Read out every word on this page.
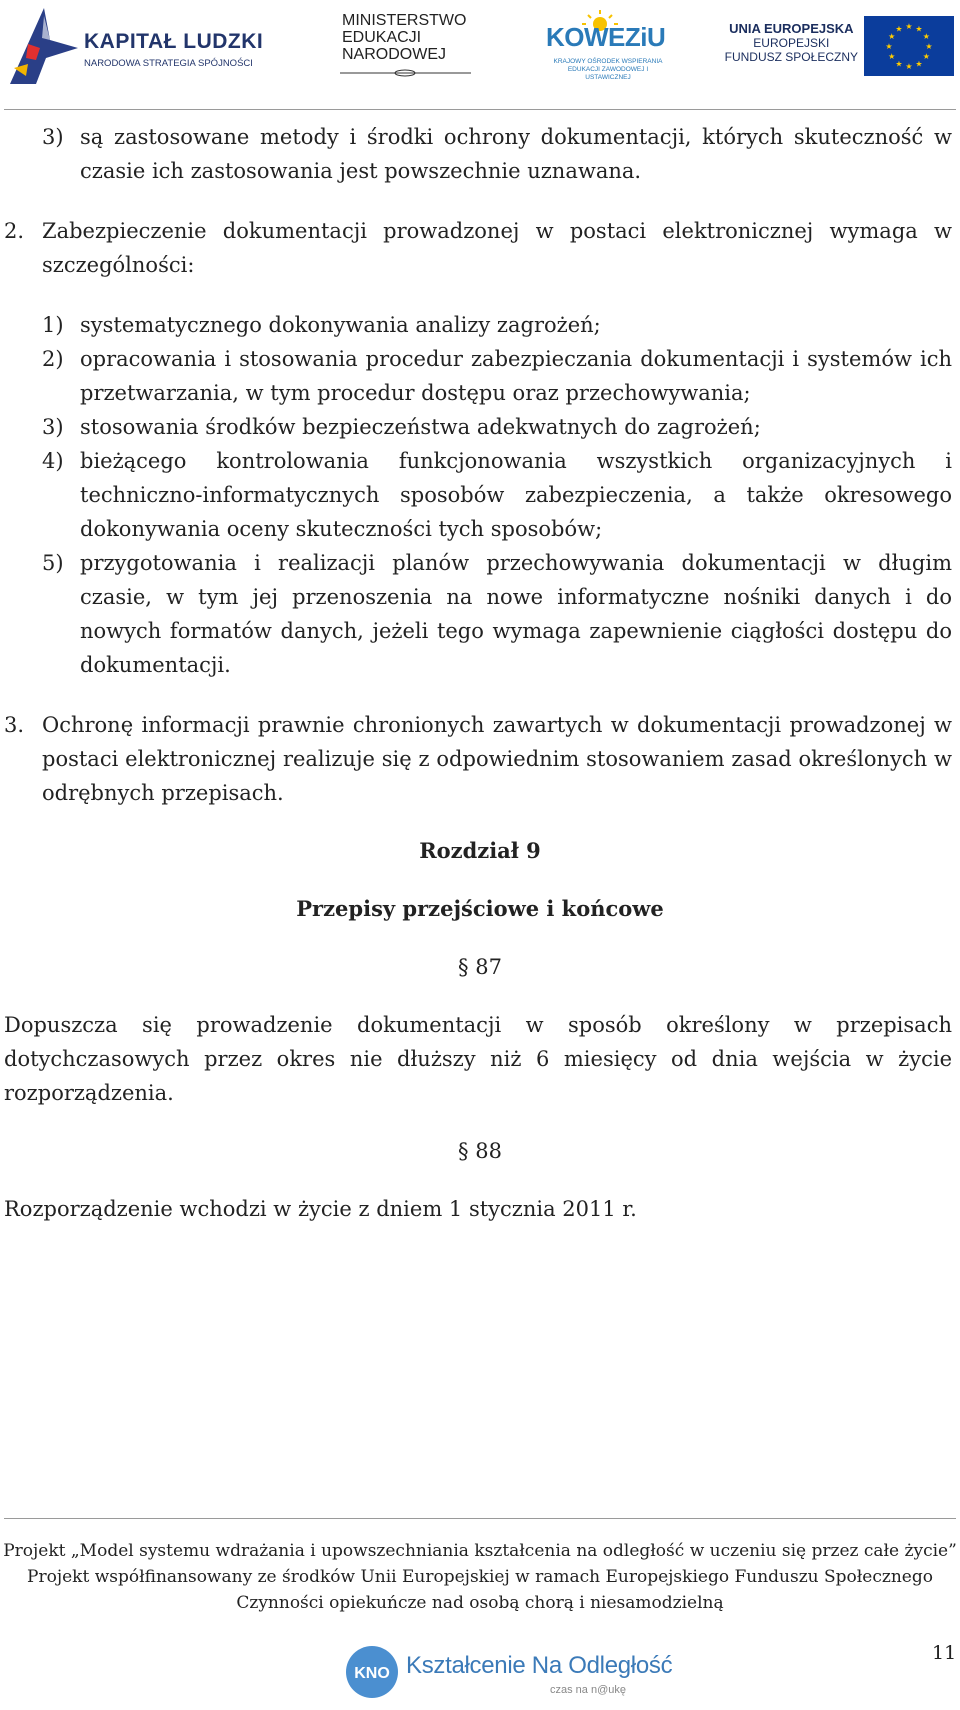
KAPITAŁ LUDZKI
NARODOWA STRATEGIA SPÓJNOŚCI
MINISTERSTWO
EDUKACJI
NARODOWEJ
KOWEZiU
KRAJOWY OŚRODEK WSPIERANIA EDUKACJI ZAWODOWEJ I USTAWICZNEJ
UNIA EUROPEJSKA
EUROPEJSKI
FUNDUSZ SPOŁECZNY
★ ★
★
★
★
★
★
★
★
★
★
★
3) są zastosowane metody i środki ochrony dokumentacji, których skuteczność w czasie ich zastosowania jest powszechnie uznawana.
2. Zabezpieczenie dokumentacji prowadzonej w postaci elektronicznej wymaga w szczególności:
1) systematycznego dokonywania analizy zagrożeń;
2) opracowania i stosowania procedur zabezpieczania dokumentacji i systemów ich przetwarzania, w tym procedur dostępu oraz przechowywania;
3) stosowania środków bezpieczeństwa adekwatnych do zagrożeń;
4) bieżącego kontrolowania funkcjonowania wszystkich organizacyjnych i techniczno-informatycznych sposobów zabezpieczenia, a także okresowego dokonywania oceny skuteczności tych sposobów;
5) przygotowania i realizacji planów przechowywania dokumentacji w długim czasie, w tym jej przenoszenia na nowe informatyczne nośniki danych i do nowych formatów danych, jeżeli tego wymaga zapewnienie ciągłości dostępu do dokumentacji.
3. Ochronę informacji prawnie chronionych zawartych w dokumentacji prowadzonej w postaci elektronicznej realizuje się z odpowiednim stosowaniem zasad określonych w odrębnych przepisach.
Rozdział 9
Przepisy przejściowe i końcowe
§ 87
Dopuszcza się prowadzenie dokumentacji w sposób określony w przepisach dotychczasowych przez okres nie dłuższy niż 6 miesięcy od dnia wejścia w życie rozporządzenia.
§ 88
Rozporządzenie wchodzi w życie z dniem 1 stycznia 2011 r.
Projekt „Model systemu wdrażania i upowszechniania kształcenia na odległość w uczeniu się przez całe życie”
Projekt współfinansowany ze środków Unii Europejskiej w ramach Europejskiego Funduszu Społecznego
Czynności opiekuńcze nad osobą chorą i niesamodzielną
KNO Kształcenie Na Odległość
czas na n@ukę
11
